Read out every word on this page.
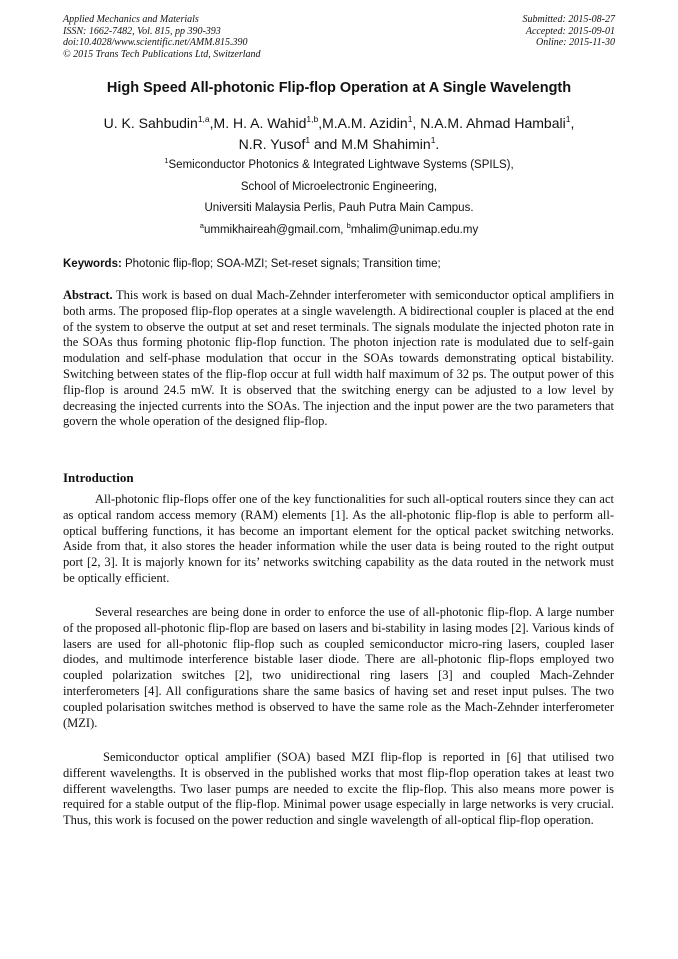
Applied Mechanics and Materials
ISSN: 1662-7482, Vol. 815, pp 390-393
doi:10.4028/www.scientific.net/AMM.815.390
© 2015 Trans Tech Publications Ltd, Switzerland
Submitted: 2015-08-27
Accepted: 2015-09-01
Online: 2015-11-30
High Speed All-photonic Flip-flop Operation at A Single Wavelength
U. K. Sahbudin$^{1,a}$,M. H. A. Wahid$^{1,b}$,M.A.M. Azidin$^1$, N.A.M. Ahmad Hambali$^1$,
N.R. Yusof$^1$ and M.M Shahimin$^1$.
$^1$Semiconductor Photonics & Integrated Lightwave Systems (SPILS),
School of Microelectronic Engineering,
Universiti Malaysia Perlis, Pauh Putra Main Campus.
$^a$ummikhaireah@gmail.com, $^b$mhalim@unimap.edu.my
Keywords: Photonic flip-flop; SOA-MZI; Set-reset signals; Transition time;
Abstract. This work is based on dual Mach-Zehnder interferometer with semiconductor optical amplifiers in both arms. The proposed flip-flop operates at a single wavelength. A bidirectional coupler is placed at the end of the system to observe the output at set and reset terminals. The signals modulate the injected photon rate in the SOAs thus forming photonic flip-flop function. The photon injection rate is modulated due to self-gain modulation and self-phase modulation that occur in the SOAs towards demonstrating optical bistability. Switching between states of the flip-flop occur at full width half maximum of 32 ps. The output power of this flip-flop is around 24.5 mW. It is observed that the switching energy can be adjusted to a low level by decreasing the injected currents into the SOAs. The injection and the input power are the two parameters that govern the whole operation of the designed flip-flop.
Introduction
All-photonic flip-flops offer one of the key functionalities for such all-optical routers since they can act as optical random access memory (RAM) elements [1]. As the all-photonic flip-flop is able to perform all-optical buffering functions, it has become an important element for the optical packet switching networks. Aside from that, it also stores the header information while the user data is being routed to the right output port [2, 3]. It is majorly known for its’ networks switching capability as the data routed in the network must be optically efficient.
Several researches are being done in order to enforce the use of all-photonic flip-flop. A large number of the proposed all-photonic flip-flop are based on lasers and bi-stability in lasing modes [2]. Various kinds of lasers are used for all-photonic flip-flop such as coupled semiconductor micro-ring lasers, coupled laser diodes, and multimode interference bistable laser diode. There are all-photonic flip-flops employed two coupled polarization switches [2], two unidirectional ring lasers [3] and coupled Mach-Zehnder interferometers [4]. All configurations share the same basics of having set and reset input pulses. The two coupled polarisation switches method is observed to have the same role as the Mach-Zehnder interferometer (MZI).
Semiconductor optical amplifier (SOA) based MZI flip-flop is reported in [6] that utilised two different wavelengths. It is observed in the published works that most flip-flop operation takes at least two different wavelengths. Two laser pumps are needed to excite the flip-flop. This also means more power is required for a stable output of the flip-flop. Minimal power usage especially in large networks is very crucial. Thus, this work is focused on the power reduction and single wavelength of all-optical flip-flop operation.
